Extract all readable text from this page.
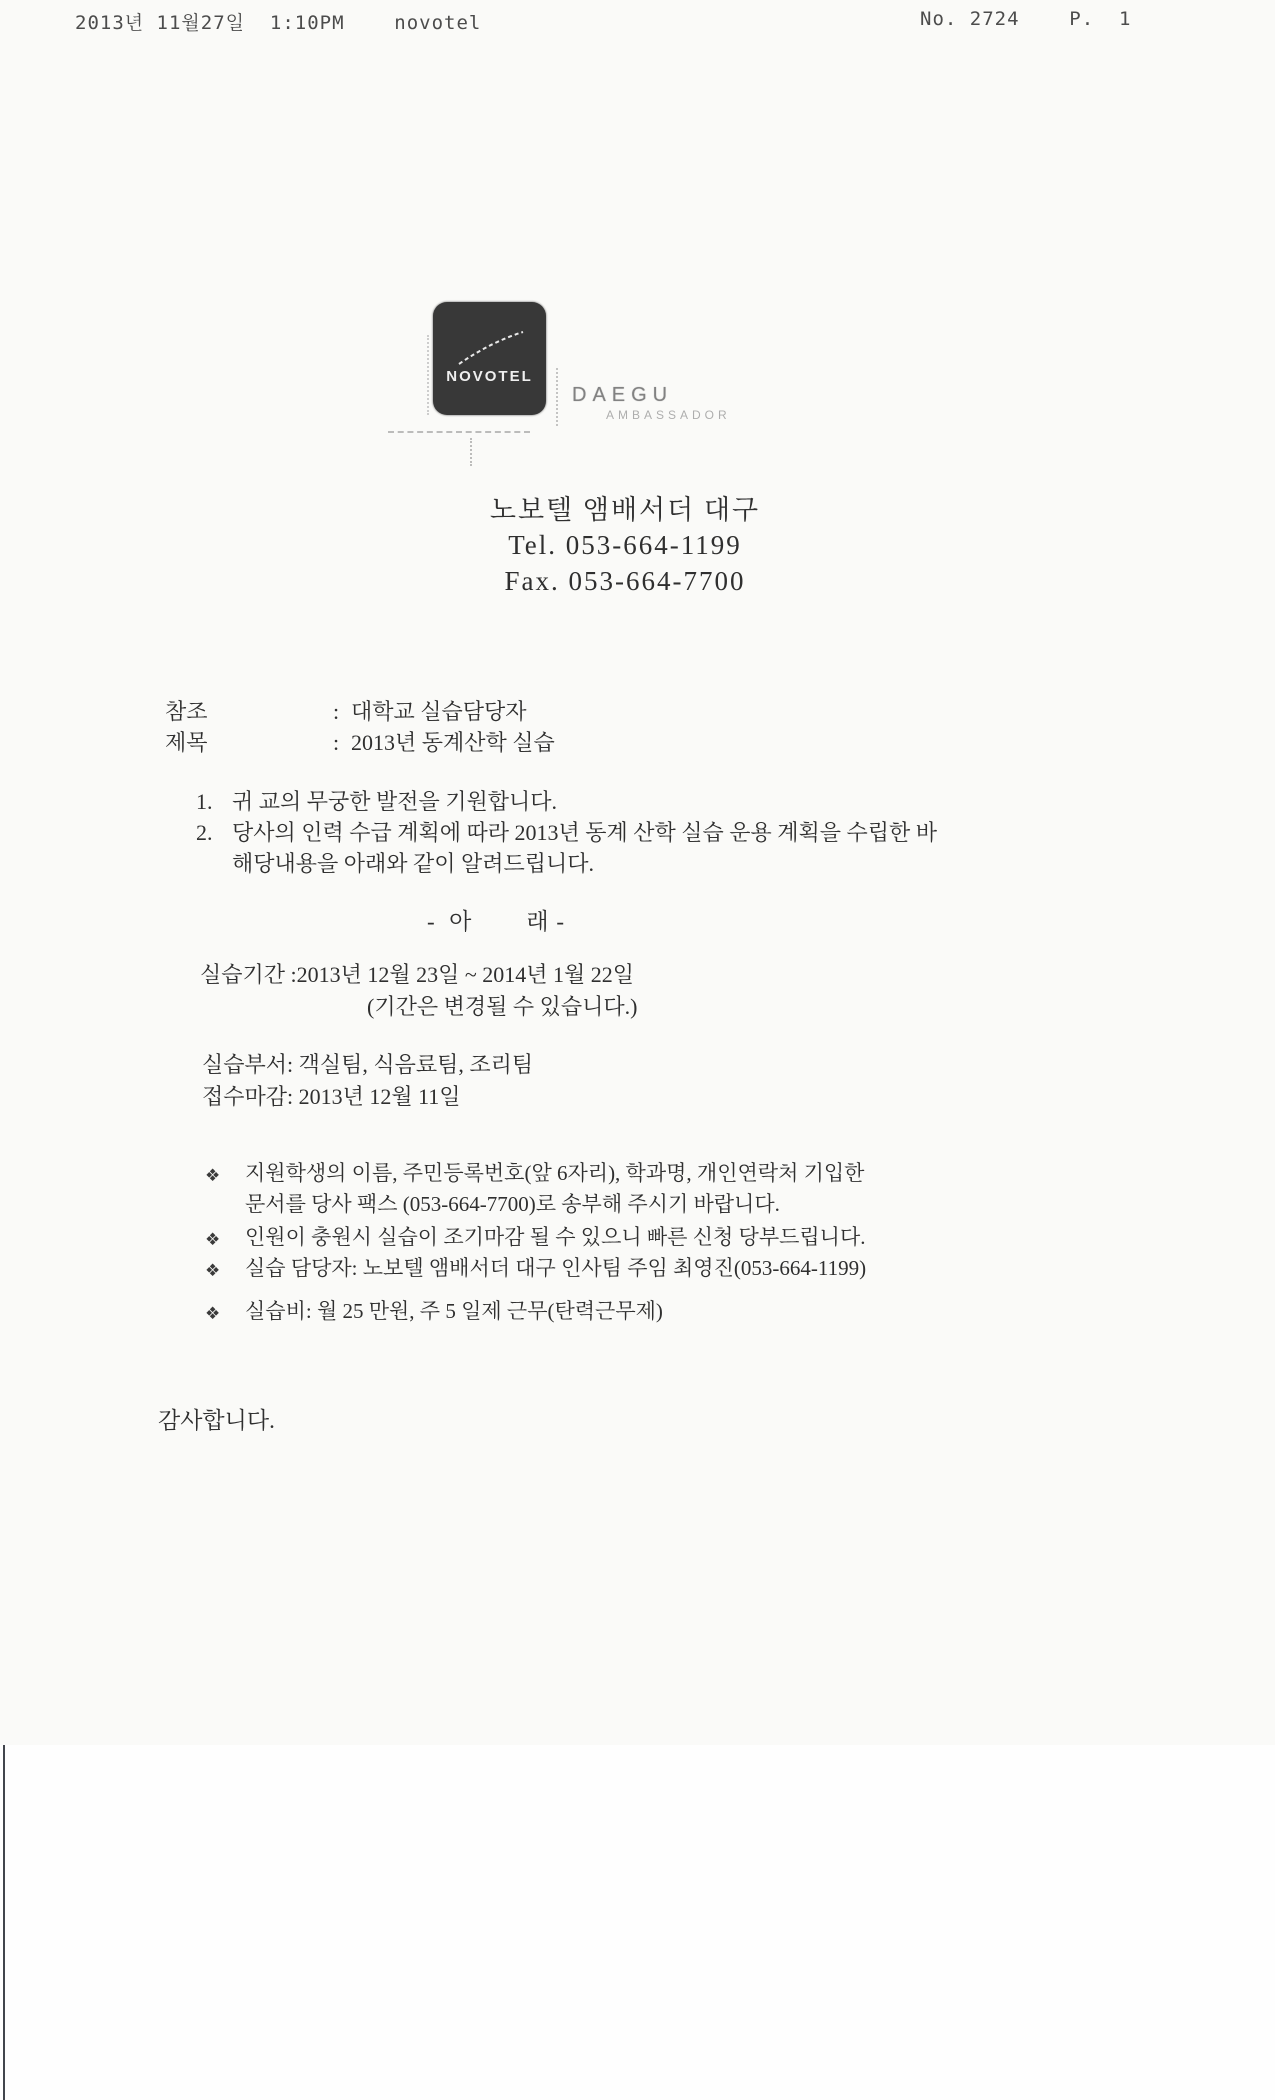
2013년 11월27일  1:10PM    novotel	No. 2724    P.  1
NOVOTEL
DAEGU
AMBASSADOR
노보텔 앰배서더 대구
Tel. 053-664-1199
Fax. 053-664-7700
참조	: 대학교 실습담당자
제목	: 2013년 동계산학 실습
1. 귀 교의 무궁한 발전을 기원합니다.
2. 당사의 인력 수급 계획에 따라 2013년 동계 산학 실습 운용 계획을 수립한 바
해당내용을 아래와 같이 알려드립니다.
-  아        래 -
실습기간 :2013년 12월 23일 ~ 2014년 1월 22일
(기간은 변경될 수 있습니다.)
실습부서: 객실팀, 식음료팀, 조리팀
접수마감: 2013년 12월 11일
❖	지원학생의 이름, 주민등록번호(앞 6자리), 학과명, 개인연락처 기입한
문서를 당사 팩스 (053-664-7700)로 송부해 주시기 바랍니다.
❖	인원이 충원시 실습이 조기마감 될 수 있으니 빠른 신청 당부드립니다.
❖	실습 담당자: 노보텔 앰배서더 대구 인사팀 주임 최영진(053-664-1199)
❖	실습비: 월 25 만원, 주 5 일제 근무(탄력근무제)
감사합니다.
